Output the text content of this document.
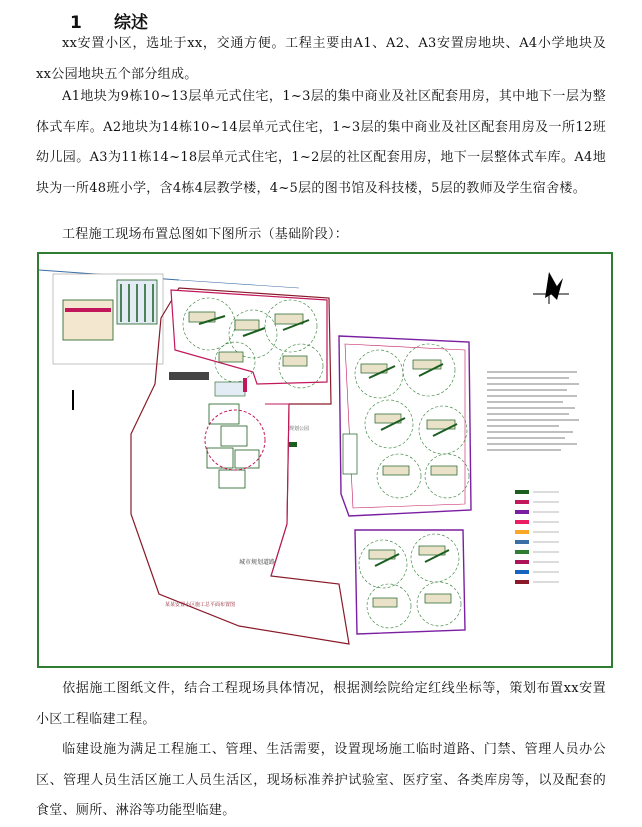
1 综述

xx安置小区，选址于xx，交通方便。工程主要由A1、A2、A3安置房地块、A4小学地块及xx公园地块五个部分组成。

A1地块为9栋10~13层单元式住宅，1~3层的集中商业及社区配套用房，其中地下一层为整体式车库。A2地块为14栋10~14层单元式住宅，1~3层的集中商业及社区配套用房及一所12班幼儿园。A3为11栋14~18层单元式住宅，1~2层的社区配套用房，地下一层整体式车库。A4地块为一所48班小学，含4栋4层教学楼，4~5层的图书馆及科技楼，5层的教师及学生宿舍楼。

工程施工现场布置总图如下图所示（基础阶段）：

规划公园
城市规划道路
某某安置小区施工总平面布置图

依据施工图纸文件，结合工程现场具体情况，根据测绘院给定红线坐标等，策划布置xx安置小区工程临建工程。

临建设施为满足工程施工、管理、生活需要，设置现场施工临时道路、门禁、管理人员办公区、管理人员生活区施工人员生活区，现场标准养护试验室、医疗室、各类库房等，以及配套的食堂、厕所、淋浴等功能型临建。
